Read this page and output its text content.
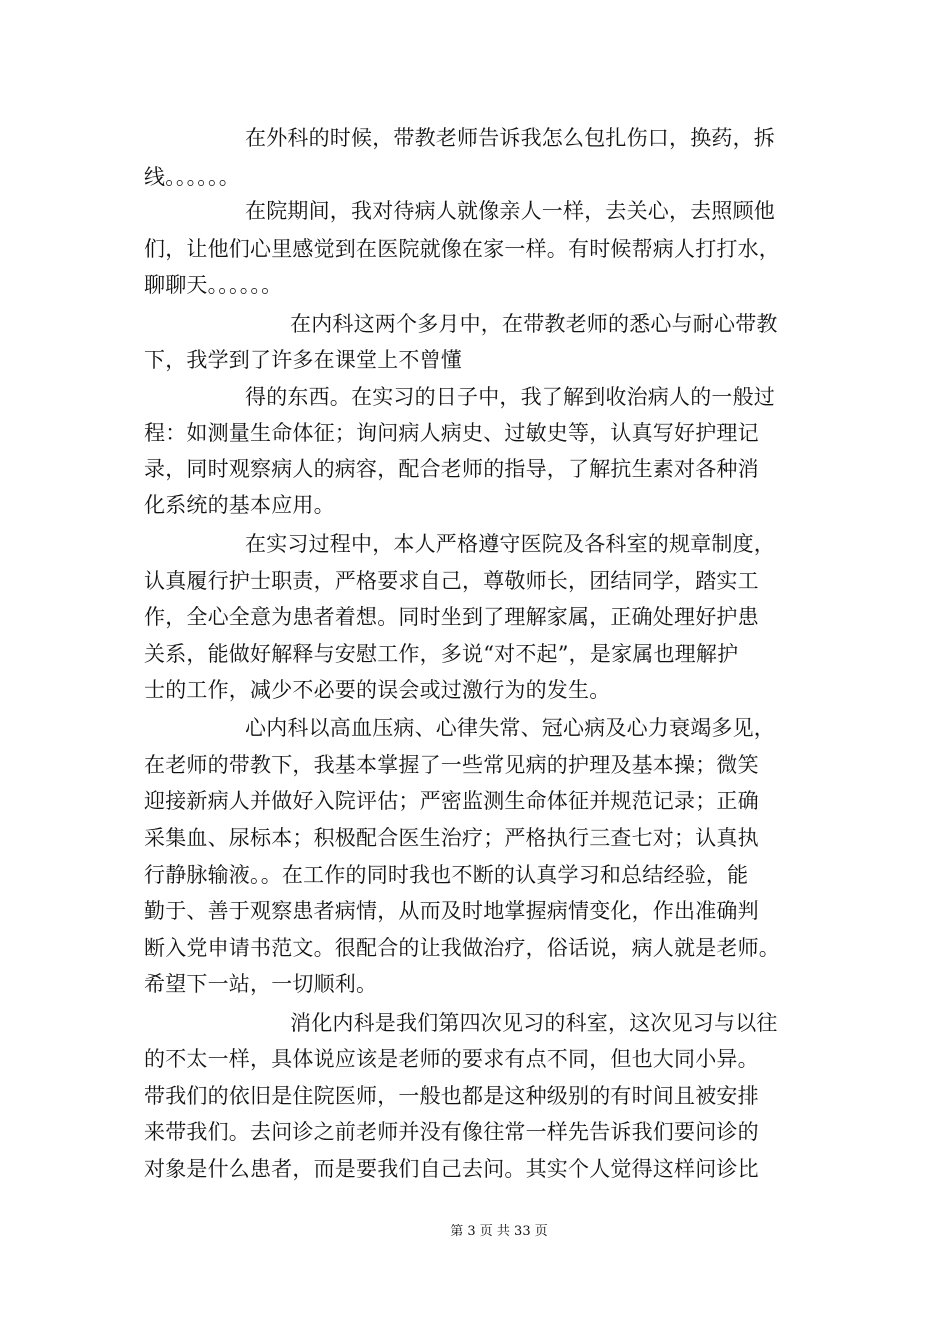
在外科的时候，带教老师告诉我怎么包扎伤口，换药，拆
线。。。。。。
在院期间，我对待病人就像亲人一样，去关心，去照顾他
们，让他们心里感觉到在医院就像在家一样。有时候帮病人打打水，
聊聊天。。。。。。
在内科这两个多月中，在带教老师的悉心与耐心带教
下，我学到了许多在课堂上不曾懂
得的东西。在实习的日子中，我了解到收治病人的一般过
程：如测量生命体征；询问病人病史、过敏史等，认真写好护理记
录，同时观察病人的病容，配合老师的指导，了解抗生素对各种消
化系统的基本应用。
在实习过程中，本人严格遵守医院及各科室的规章制度，
认真履行护士职责，严格要求自己，尊敬师长，团结同学，踏实工
作，全心全意为患者着想。同时坐到了理解家属，正确处理好护患
关系，能做好解释与安慰工作，多说“对不起”，是家属也理解护
士的工作，减少不必要的误会或过激行为的发生。
心内科以高血压病、心律失常、冠心病及心力衰竭多见，
在老师的带教下，我基本掌握了一些常见病的护理及基本操；微笑
迎接新病人并做好入院评估；严密监测生命体征并规范记录；正确
采集血、尿标本；积极配合医生治疗；严格执行三查七对；认真执
行静脉输液。。在工作的同时我也不断的认真学习和总结经验，能
勤于、善于观察患者病情，从而及时地掌握病情变化，作出准确判
断入党申请书范文。很配合的让我做治疗，俗话说，病人就是老师。
希望下一站，一切顺利。
消化内科是我们第四次见习的科室，这次见习与以往
的不太一样，具体说应该是老师的要求有点不同，但也大同小异。
带我们的依旧是住院医师，一般也都是这种级别的有时间且被安排
来带我们。去问诊之前老师并没有像往常一样先告诉我们要问诊的
对象是什么患者，而是要我们自己去问。其实个人觉得这样问诊比
第 3 页 共 33 页
